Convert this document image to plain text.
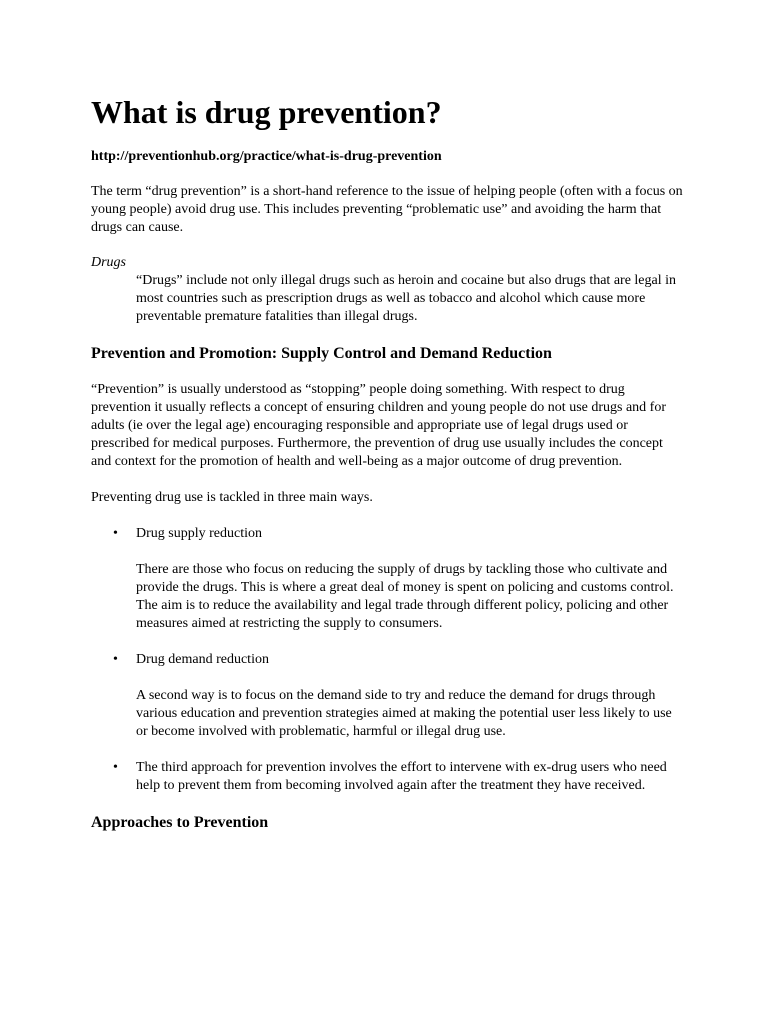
What is drug prevention?

http://preventionhub.org/practice/what-is-drug-prevention

The term “drug prevention” is a short-hand reference to the issue of helping people (often with a focus on young people) avoid drug use. This includes preventing “problematic use” and avoiding the harm that drugs can cause.

Drugs

“Drugs” include not only illegal drugs such as heroin and cocaine but also drugs that are legal in most countries such as prescription drugs as well as tobacco and alcohol which cause more preventable premature fatalities than illegal drugs.

Prevention and Promotion: Supply Control and Demand Reduction

“Prevention” is usually understood as “stopping” people doing something. With respect to drug prevention it usually reflects a concept of ensuring children and young people do not use drugs and for adults (ie over the legal age) encouraging responsible and appropriate use of legal drugs used or prescribed for medical purposes. Furthermore, the prevention of drug use usually includes the concept and context for the promotion of health and well-being as a major outcome of drug prevention.

Preventing drug use is tackled in three main ways.

• Drug supply reduction
There are those who focus on reducing the supply of drugs by tackling those who cultivate and provide the drugs. This is where a great deal of money is spent on policing and customs control. The aim is to reduce the availability and legal trade through different policy, policing and other measures aimed at restricting the supply to consumers.
• Drug demand reduction
A second way is to focus on the demand side to try and reduce the demand for drugs through various education and prevention strategies aimed at making the potential user less likely to use or become involved with problematic, harmful or illegal drug use.
• The third approach for prevention involves the effort to intervene with ex-drug users who need help to prevent them from becoming involved again after the treatment they have received.
Approaches to Prevention
